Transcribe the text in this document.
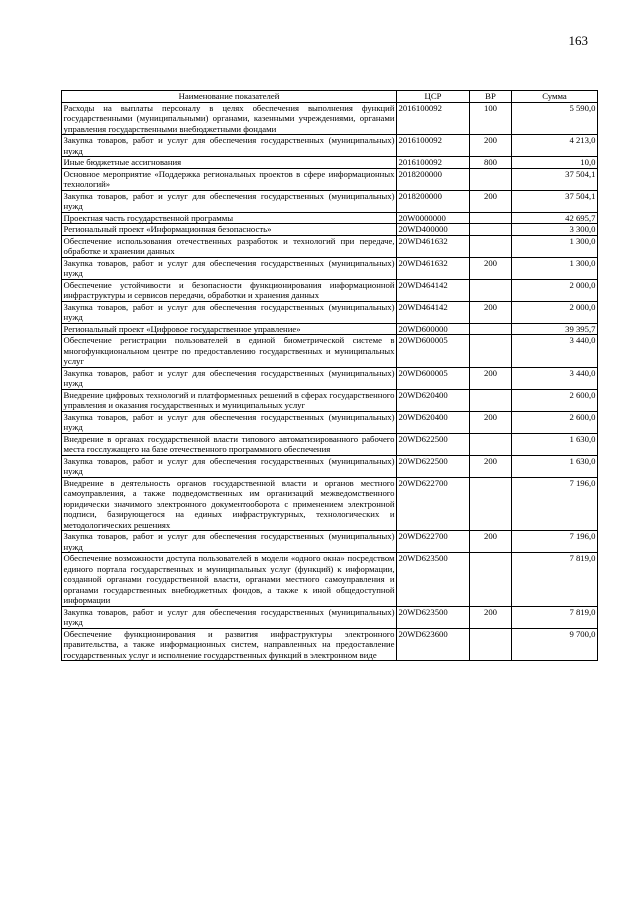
163
Наименование показателей	ЦСР	ВР	Сумма
Расходы на выплаты персоналу в целях обеспечения выполнения функций государственными (муниципальными) органами, казенными учреждениями, органами управления государственными внебюджетными фондами	2016100092	100	5 590,0
Закупка товаров, работ и услуг для обеспечения государственных (муниципальных) нужд	2016100092	200	4 213,0
Иные бюджетные ассигнования	2016100092	800	10,0
Основное мероприятие «Поддержка региональных проектов в сфере информационных технологий»	2018200000		37 504,1
Закупка товаров, работ и услуг для обеспечения государственных (муниципальных) нужд	2018200000	200	37 504,1
Проектная часть государственной программы	20W0000000		42 695,7
Региональный проект «Информационная безопасность»	20WD400000		3 300,0
Обеспечение использования отечественных разработок и технологий при передаче, обработке и хранении данных	20WD461632		1 300,0
Закупка товаров, работ и услуг для обеспечения государственных (муниципальных) нужд	20WD461632	200	1 300,0
Обеспечение устойчивости и безопасности функционирования информационной инфраструктуры и сервисов передачи, обработки и хранения данных	20WD464142		2 000,0
Закупка товаров, работ и услуг для обеспечения государственных (муниципальных) нужд	20WD464142	200	2 000,0
Региональный проект «Цифровое государственное управление»	20WD600000		39 395,7
Обеспечение регистрации пользователей в единой биометрической системе в многофункциональном центре по предоставлению государственных и муниципальных услуг	20WD600005		3 440,0
Закупка товаров, работ и услуг для обеспечения государственных (муниципальных) нужд	20WD600005	200	3 440,0
Внедрение цифровых технологий и платформенных решений в сферах государственного управления и оказания государственных и муниципальных услуг	20WD620400		2 600,0
Закупка товаров, работ и услуг для обеспечения государственных (муниципальных) нужд	20WD620400	200	2 600,0
Внедрение в органах государственной власти типового автоматизированного рабочего места госслужащего на базе отечественного программного обеспечения	20WD622500		1 630,0
Закупка товаров, работ и услуг для обеспечения государственных (муниципальных) нужд	20WD622500	200	1 630,0
Внедрение в деятельность органов государственной власти и органов местного самоуправления, а также подведомственных им организаций межведомственного юридически значимого электронного документооборота с применением электронной подписи, базирующегося на единых инфраструктурных, технологических и методологических решениях	20WD622700		7 196,0
Закупка товаров, работ и услуг для обеспечения государственных (муниципальных) нужд	20WD622700	200	7 196,0
Обеспечение возможности доступа пользователей в модели «одного окна» посредством единого портала государственных и муниципальных услуг (функций) к информации, созданной органами государственной власти, органами местного самоуправления и органами государственных внебюджетных фондов, а также к иной общедоступной информации	20WD623500		7 819,0
Закупка товаров, работ и услуг для обеспечения государственных (муниципальных) нужд	20WD623500	200	7 819,0
Обеспечение функционирования и развития инфраструктуры электронного правительства, а также информационных систем, направленных на предоставление государственных услуг и исполнение государственных функций в электронном виде	20WD623600		9 700,0
